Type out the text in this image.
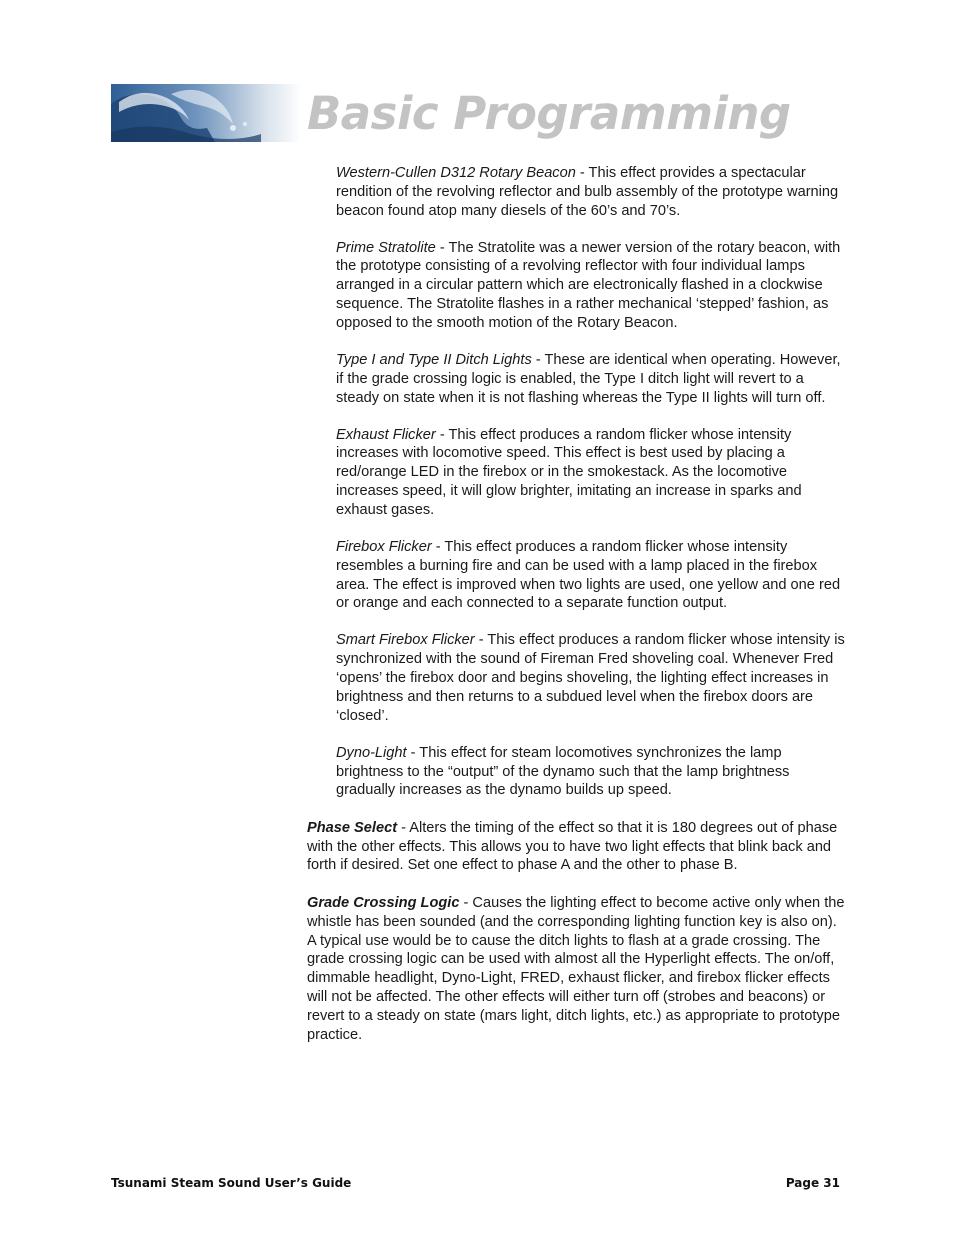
Basic Programming

Western-Cullen D312 Rotary Beacon - This effect provides a spectacular rendition of the revolving reflector and bulb assembly of the prototype warning beacon found atop many diesels of the 60’s and 70’s.

Prime Stratolite - The Stratolite was a newer version of the rotary beacon, with the prototype consisting of a revolving reflector with four individual lamps arranged in a circular pattern which are electronically flashed in a clockwise sequence. The Stratolite flashes in a rather mechanical ‘stepped’ fashion, as opposed to the smooth motion of the Rotary Beacon.

Type I and Type II Ditch Lights - These are identical when operating. However, if the grade crossing logic is enabled, the Type I ditch light will revert to a steady on state when it is not flashing whereas the Type II lights will turn off.

Exhaust Flicker - This effect produces a random flicker whose intensity increases with locomotive speed. This effect is best used by placing a red/orange LED in the firebox or in the smokestack. As the locomotive increases speed, it will glow brighter, imitating an increase in sparks and exhaust gases.

Firebox Flicker - This effect produces a random flicker whose intensity resembles a burning fire and can be used with a lamp placed in the firebox area. The effect is improved when two lights are used, one yellow and one red or orange and each connected to a separate function output.

Smart Firebox Flicker - This effect produces a random flicker whose intensity is synchronized with the sound of Fireman Fred shoveling coal. Whenever Fred ‘opens’ the firebox door and begins shoveling, the lighting effect increases in brightness and then returns to a subdued level when the firebox doors are ‘closed’.

Dyno-Light - This effect for steam locomotives synchronizes the lamp brightness to the “output” of the dynamo such that the lamp brightness gradually increases as the dynamo builds up speed.

Phase Select - Alters the timing of the effect so that it is 180 degrees out of phase with the other effects. This allows you to have two light effects that blink back and forth if desired. Set one effect to phase A and the other to phase B.

Grade Crossing Logic - Causes the lighting effect to become active only when the whistle has been sounded (and the corresponding lighting function key is also on). A typical use would be to cause the ditch lights to flash at a grade crossing. The grade crossing logic can be used with almost all the Hyperlight effects. The on/off, dimmable headlight, Dyno-Light, FRED, exhaust flicker, and firebox flicker effects will not be affected. The other effects will either turn off (strobes and beacons) or revert to a steady on state (mars light, ditch lights, etc.) as appropriate to prototype practice.

Tsunami Steam Sound User’s Guide	Page 31
